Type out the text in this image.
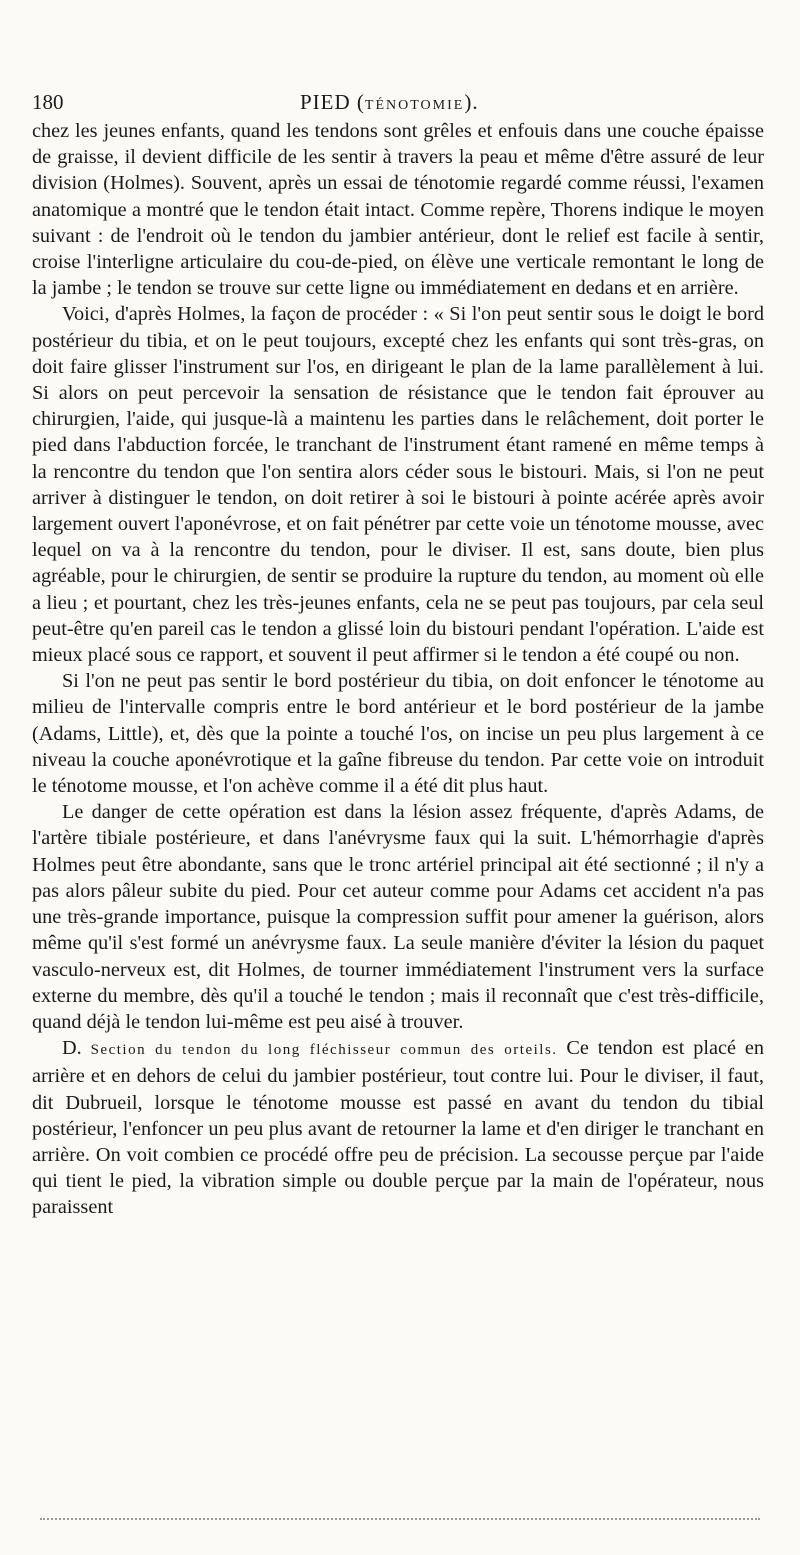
180	PIED (TÉNOTOMIE).

chez les jeunes enfants, quand les tendons sont grêles et enfouis dans une couche épaisse de graisse, il devient difficile de les sentir à travers la peau et même d'être assuré de leur division (Holmes). Souvent, après un essai de ténotomie regardé comme réussi, l'examen anatomique a montré que le tendon était intact. Comme repère, Thorens indique le moyen suivant : de l'endroit où le tendon du jambier antérieur, dont le relief est facile à sentir, croise l'interligne articulaire du cou-de-pied, on élève une verticale remontant le long de la jambe ; le tendon se trouve sur cette ligne ou immédiatement en dedans et en arrière.

Voici, d'après Holmes, la façon de procéder : « Si l'on peut sentir sous le doigt le bord postérieur du tibia, et on le peut toujours, excepté chez les enfants qui sont très-gras, on doit faire glisser l'instrument sur l'os, en dirigeant le plan de la lame parallèlement à lui. Si alors on peut percevoir la sensation de résistance que le tendon fait éprouver au chirurgien, l'aide, qui jusque-là a maintenu les parties dans le relâchement, doit porter le pied dans l'abduction forcée, le tranchant de l'instrument étant ramené en même temps à la rencontre du tendon que l'on sentira alors céder sous le bistouri. Mais, si l'on ne peut arriver à distinguer le tendon, on doit retirer à soi le bistouri à pointe acérée après avoir largement ouvert l'aponévrose, et on fait pénétrer par cette voie un ténotome mousse, avec lequel on va à la rencontre du tendon, pour le diviser. Il est, sans doute, bien plus agréable, pour le chirurgien, de sentir se produire la rupture du tendon, au moment où elle a lieu ; et pourtant, chez les très-jeunes enfants, cela ne se peut pas toujours, par cela seul peut-être qu'en pareil cas le tendon a glissé loin du bistouri pendant l'opération. L'aide est mieux placé sous ce rapport, et souvent il peut affirmer si le tendon a été coupé ou non.

Si l'on ne peut pas sentir le bord postérieur du tibia, on doit enfoncer le ténotome au milieu de l'intervalle compris entre le bord antérieur et le bord postérieur de la jambe (Adams, Little), et, dès que la pointe a touché l'os, on incise un peu plus largement à ce niveau la couche aponévrotique et la gaîne fibreuse du tendon. Par cette voie on introduit le ténotome mousse, et l'on achève comme il a été dit plus haut.

Le danger de cette opération est dans la lésion assez fréquente, d'après Adams, de l'artère tibiale postérieure, et dans l'anévrysme faux qui la suit. L'hémorrhagie d'après Holmes peut être abondante, sans que le tronc artériel principal ait été sectionné ; il n'y a pas alors pâleur subite du pied. Pour cet auteur comme pour Adams cet accident n'a pas une très-grande importance, puisque la compression suffit pour amener la guérison, alors même qu'il s'est formé un anévrysme faux. La seule manière d'éviter la lésion du paquet vasculo-nerveux est, dit Holmes, de tourner immédiatement l'instrument vers la surface externe du membre, dès qu'il a touché le tendon ; mais il reconnaît que c'est très-difficile, quand déjà le tendon lui-même est peu aisé à trouver.

D. Section du tendon du long fléchisseur commun des orteils. Ce tendon est placé en arrière et en dehors de celui du jambier postérieur, tout contre lui. Pour le diviser, il faut, dit Dubrueil, lorsque le ténotome mousse est passé en avant du tendon du tibial postérieur, l'enfoncer un peu plus avant de retourner la lame et d'en diriger le tranchant en arrière. On voit combien ce procédé offre peu de précision. La secousse perçue par l'aide qui tient le pied, la vibration simple ou double perçue par la main de l'opérateur, nous paraissent
